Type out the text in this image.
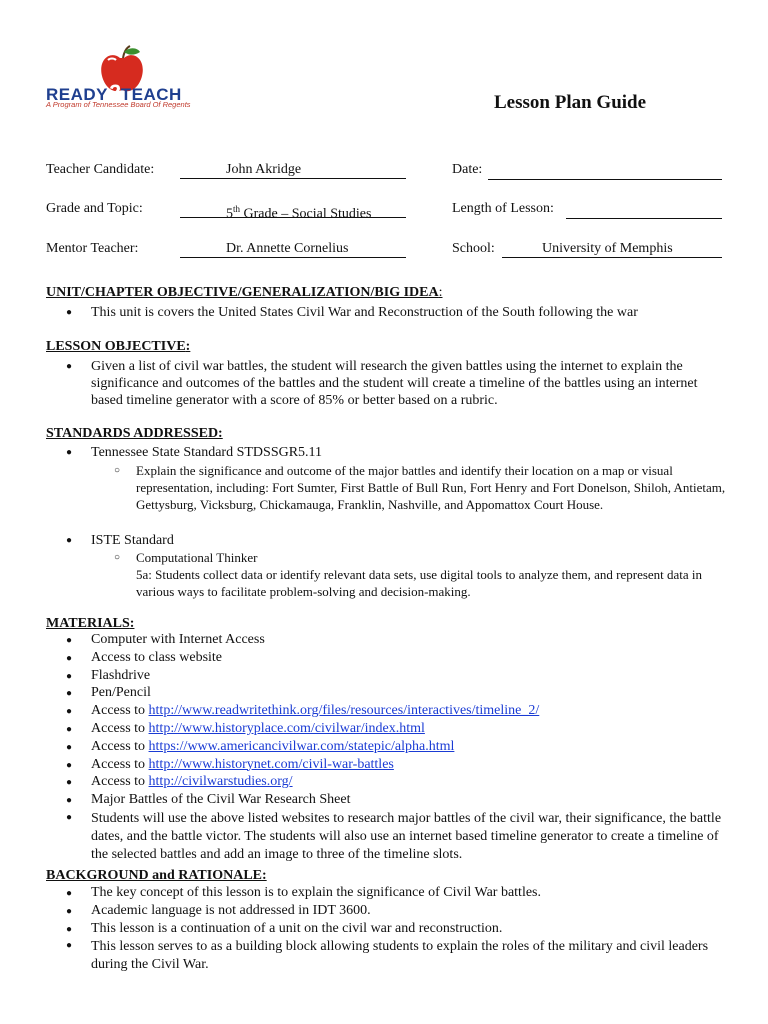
READY2TEACH
A Program of Tennessee Board Of Regents	Lesson Plan Guide
Teacher Candidate:	John Akridge	Date:
Grade and Topic:	5th Grade – Social Studies	Length of Lesson:
Mentor Teacher:	Dr. Annette Cornelius	School:	University of Memphis
UNIT/CHAPTER OBJECTIVE/GENERALIZATION/BIG IDEA:
● This unit is covers the United States Civil War and Reconstruction of the South following the war
LESSON OBJECTIVE:
● Given a list of civil war battles, the student will research the given battles using the internet to explain the significance and outcomes of the battles and the student will create a timeline of the battles using an internet based timeline generator with a score of 85% or better based on a rubric.
STANDARDS ADDRESSED:
● Tennessee State Standard STDSSGR5.11
○ Explain the significance and outcome of the major battles and identify their location on a map or visual representation, including: Fort Sumter, First Battle of Bull Run, Fort Henry and Fort Donelson, Shiloh, Antietam, Gettysburg, Vicksburg, Chickamauga, Franklin, Nashville, and Appomattox Court House.
● ISTE Standard
○ Computational Thinker
5a: Students collect data or identify relevant data sets, use digital tools to analyze them, and represent data in various ways to facilitate problem-solving and decision-making.
MATERIALS:
● Computer with Internet Access
● Access to class website
● Flashdrive
● Pen/Pencil
● Access to http://www.readwritethink.org/files/resources/interactives/timeline_2/
● Access to http://www.historyplace.com/civilwar/index.html
● Access to https://www.americancivilwar.com/statepic/alpha.html
● Access to http://www.historynet.com/civil-war-battles
● Access to http://civilwarstudies.org/
● Major Battles of the Civil War Research Sheet
●	Students will use the above listed websites to research major battles of the civil war, their significance, the battle dates, and the battle victor. The students will also use an internet based timeline generator to create a timeline of the selected battles and add an image to three of the timeline slots.
BACKGROUND and RATIONALE:
● The key concept of this lesson is to explain the significance of Civil War battles.
● Academic language is not addressed in IDT 3600.
● This lesson is a continuation of a unit on the civil war and reconstruction.
●	This lesson serves to as a building block allowing students to explain the roles of the military and civil leaders during the Civil War.
